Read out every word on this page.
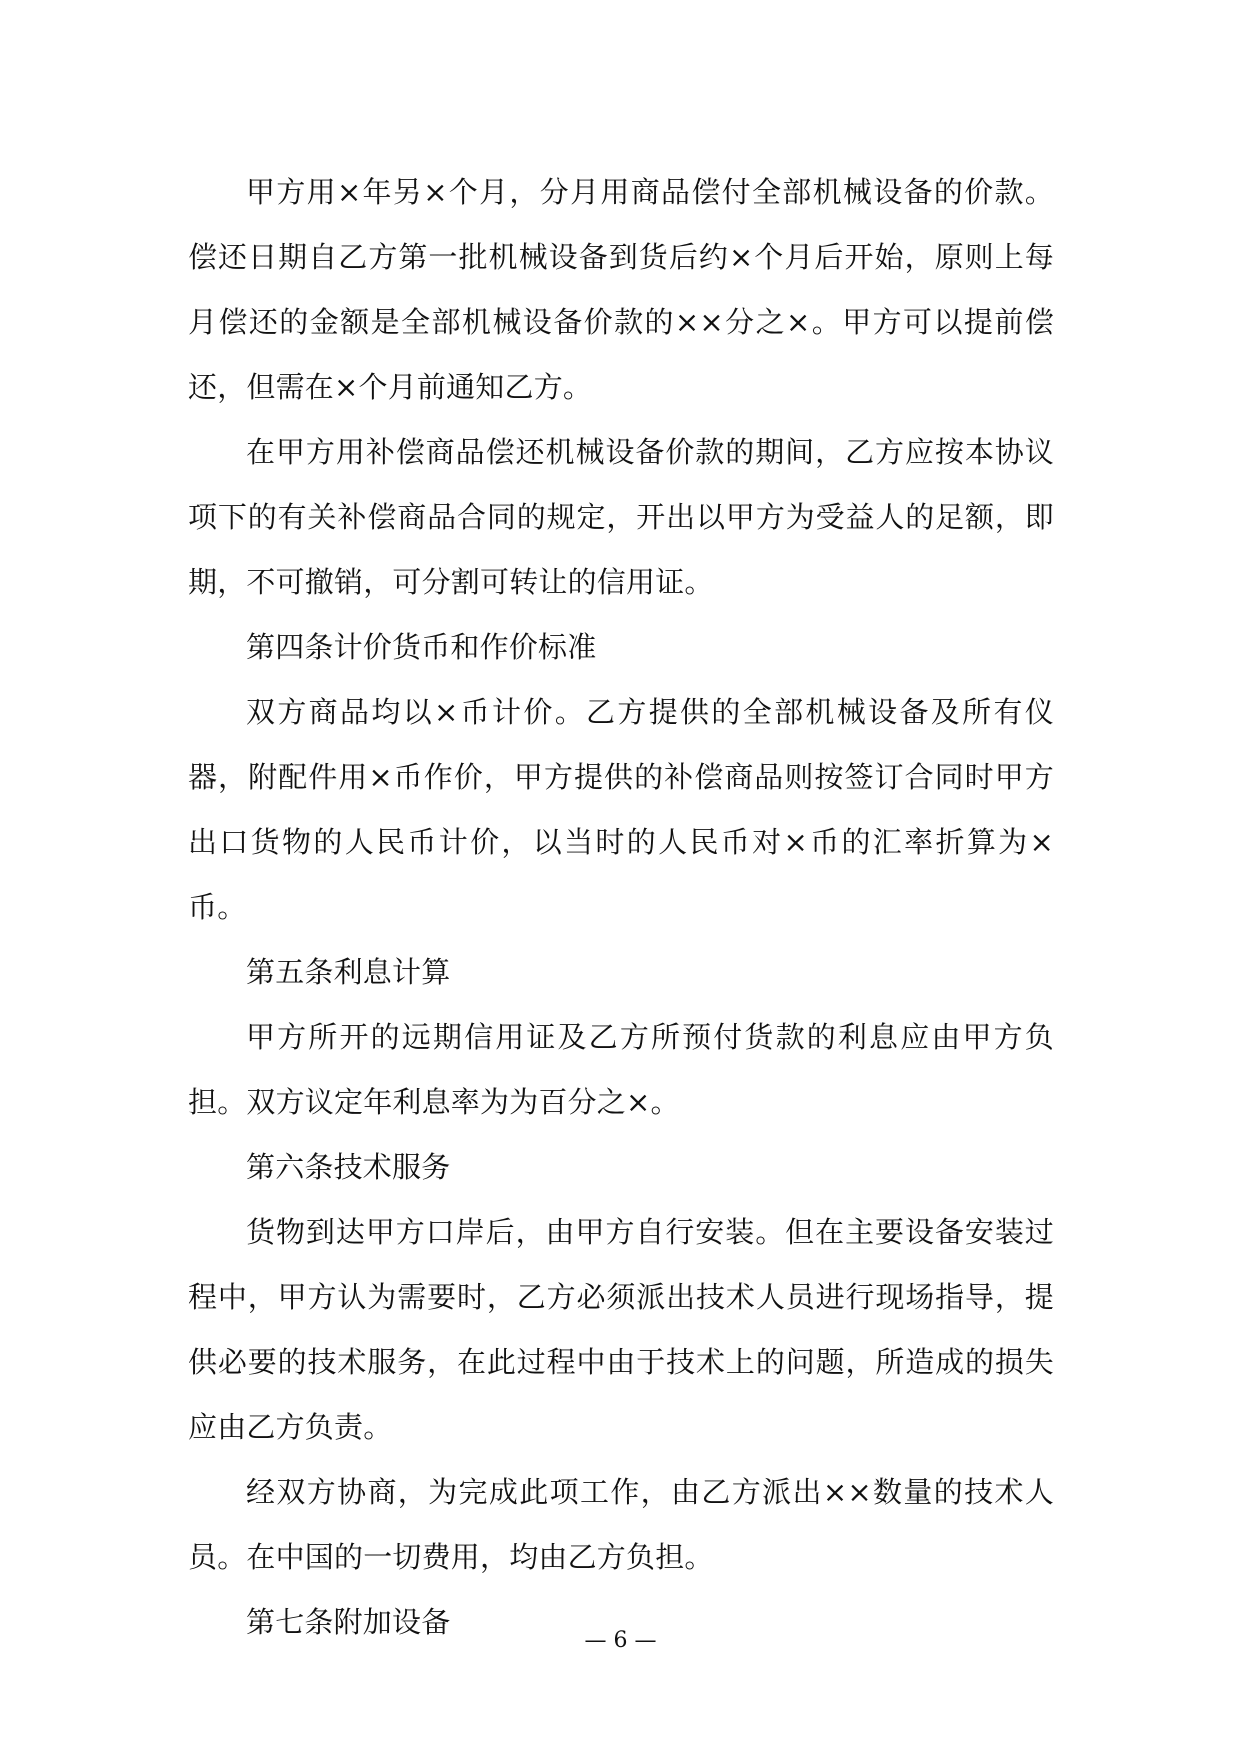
甲方用×年另×个月，分月用商品偿付全部机械设备的价款。偿还日期自乙方第一批机械设备到货后约×个月后开始，原则上每月偿还的金额是全部机械设备价款的××分之×。甲方可以提前偿还，但需在×个月前通知乙方。

在甲方用补偿商品偿还机械设备价款的期间，乙方应按本协议项下的有关补偿商品合同的规定，开出以甲方为受益人的足额，即期，不可撤销，可分割可转让的信用证。

第四条计价货币和作价标准

双方商品均以×币计价。乙方提供的全部机械设备及所有仪器，附配件用×币作价，甲方提供的补偿商品则按签订合同时甲方出口货物的人民币计价，以当时的人民币对×币的汇率折算为×币。

第五条利息计算

甲方所开的远期信用证及乙方所预付货款的利息应由甲方负担。双方议定年利息率为为百分之×。

第六条技术服务

货物到达甲方口岸后，由甲方自行安装。但在主要设备安装过程中，甲方认为需要时，乙方必须派出技术人员进行现场指导，提供必要的技术服务，在此过程中由于技术上的问题，所造成的损失应由乙方负责。

经双方协商，为完成此项工作，由乙方派出××数量的技术人员。在中国的一切费用，均由乙方负担。

第七条附加设备

— 6 —
